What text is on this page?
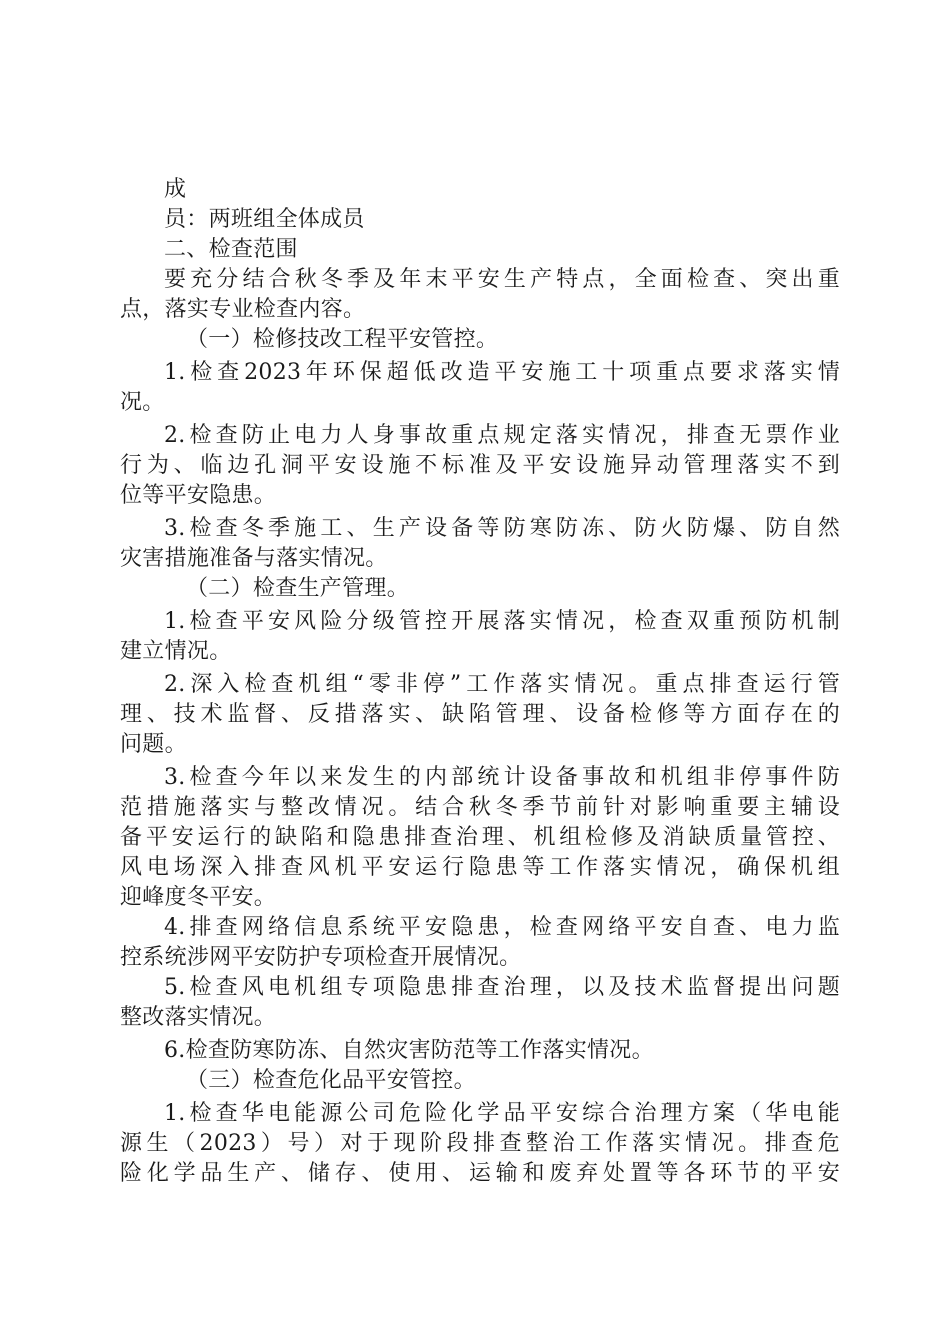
成
员：两班组全体成员
二、检查范围
要充分结合秋冬季及年末平安生产特点，全面检查、突出重
点，落实专业检查内容。
（一）检修技改工程平安管控。
1.检查2023年环保超低改造平安施工十项重点要求落实情
况。
2.检查防止电力人身事故重点规定落实情况，排查无票作业
行为、临边孔洞平安设施不标准及平安设施异动管理落实不到
位等平安隐患。
3.检查冬季施工、生产设备等防寒防冻、防火防爆、防自然
灾害措施准备与落实情况。
（二）检查生产管理。
1.检查平安风险分级管控开展落实情况，检查双重预防机制
建立情况。
2.深入检查机组“零非停”工作落实情况。重点排查运行管
理、技术监督、反措落实、缺陷管理、设备检修等方面存在的
问题。
3.检查今年以来发生的内部统计设备事故和机组非停事件防
范措施落实与整改情况。结合秋冬季节前针对影响重要主辅设
备平安运行的缺陷和隐患排查治理、机组检修及消缺质量管控、
风电场深入排查风机平安运行隐患等工作落实情况，确保机组
迎峰度冬平安。
4.排查网络信息系统平安隐患，检查网络平安自查、电力监
控系统涉网平安防护专项检查开展情况。
5.检查风电机组专项隐患排查治理，以及技术监督提出问题
整改落实情况。
6.检查防寒防冻、自然灾害防范等工作落实情况。
（三）检查危化品平安管控。
1.检查华电能源公司危险化学品平安综合治理方案（华电能
源生（2023）号）对于现阶段排查整治工作落实情况。排查危
险化学品生产、储存、使用、运输和废弃处置等各环节的平安
